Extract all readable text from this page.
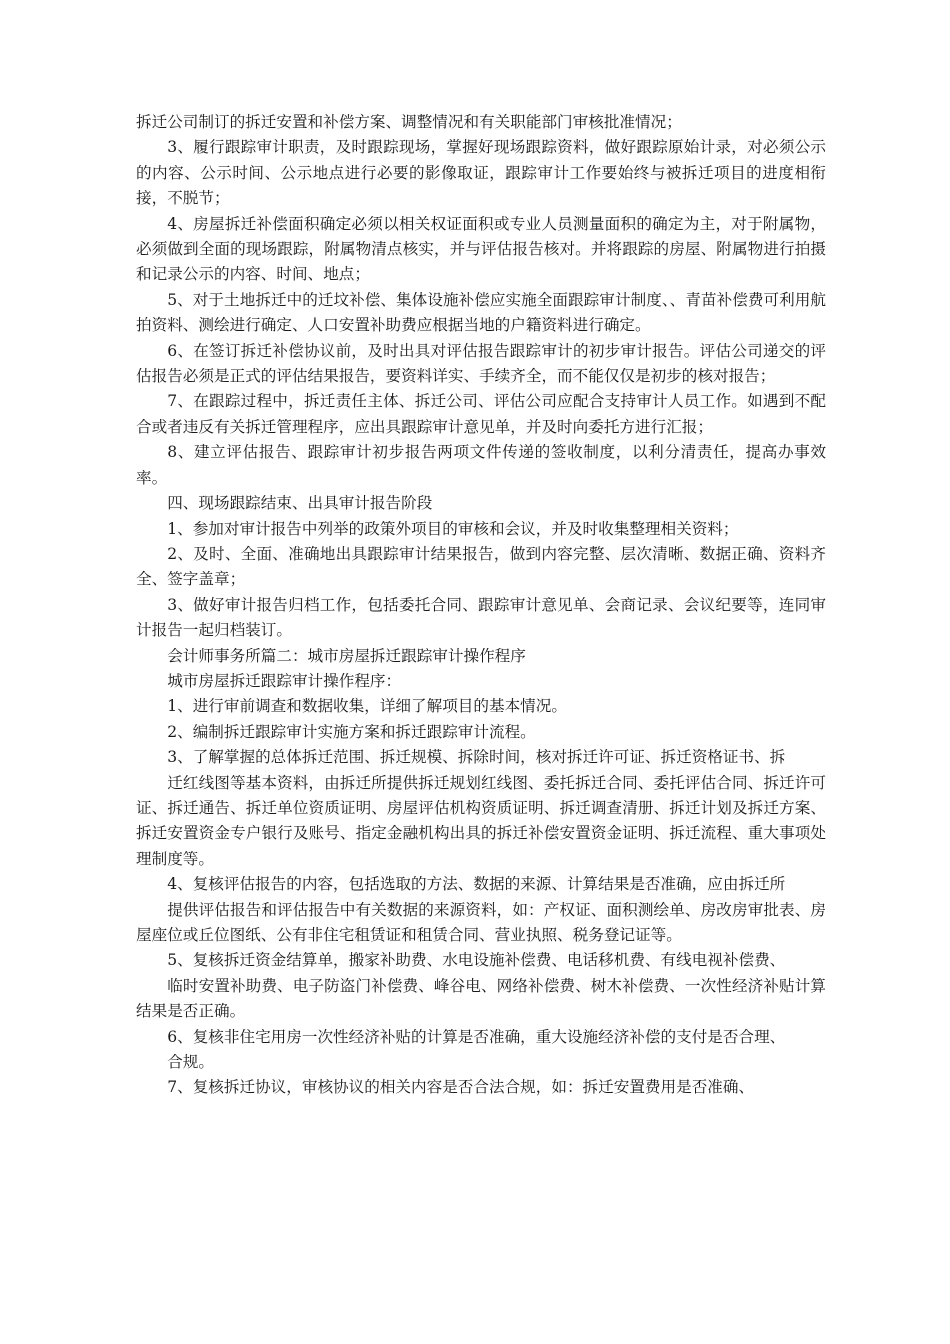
拆迁公司制订的拆迁安置和补偿方案、调整情况和有关职能部门审核批准情况；

3、履行跟踪审计职责，及时跟踪现场，掌握好现场跟踪资料，做好跟踪原始计录，对必须公示的内容、公示时间、公示地点进行必要的影像取证，跟踪审计工作要始终与被拆迁项目的进度相衔接，不脱节；

4、房屋拆迁补偿面积确定必须以相关权证面积或专业人员测量面积的确定为主，对于附属物，必须做到全面的现场跟踪，附属物清点核实，并与评估报告核对。并将跟踪的房屋、附属物进行拍摄和记录公示的内容、时间、地点；

5、对于土地拆迁中的迁坟补偿、集体设施补偿应实施全面跟踪审计制度、、青苗补偿费可利用航拍资料、测绘进行确定、人口安置补助费应根据当地的户籍资料进行确定。

6、在签订拆迁补偿协议前，及时出具对评估报告跟踪审计的初步审计报告。评估公司递交的评估报告必须是正式的评估结果报告，要资料详实、手续齐全，而不能仅仅是初步的核对报告；

7、在跟踪过程中，拆迁责任主体、拆迁公司、评估公司应配合支持审计人员工作。如遇到不配合或者违反有关拆迁管理程序，应出具跟踪审计意见单，并及时向委托方进行汇报；

8、建立评估报告、跟踪审计初步报告两项文件传递的签收制度，以利分清责任，提高办事效率。

四、现场跟踪结束、出具审计报告阶段

1、参加对审计报告中列举的政策外项目的审核和会议，并及时收集整理相关资料；

2、及时、全面、准确地出具跟踪审计结果报告，做到内容完整、层次清晰、数据正确、资料齐全、签字盖章；

3、做好审计报告归档工作，包括委托合同、跟踪审计意见单、会商记录、会议纪要等，连同审计报告一起归档装订。

会计师事务所篇二：城市房屋拆迁跟踪审计操作程序

城市房屋拆迁跟踪审计操作程序：

1、进行审前调查和数据收集，详细了解项目的基本情况。

2、编制拆迁跟踪审计实施方案和拆迁跟踪审计流程。

3、了解掌握的总体拆迁范围、拆迁规模、拆除时间，核对拆迁许可证、拆迁资格证书、拆

迁红线图等基本资料，由拆迁所提供拆迁规划红线图、委托拆迁合同、委托评估合同、拆迁许可证、拆迁通告、拆迁单位资质证明、房屋评估机构资质证明、拆迁调查清册、拆迁计划及拆迁方案、拆迁安置资金专户银行及账号、指定金融机构出具的拆迁补偿安置资金证明、拆迁流程、重大事项处理制度等。

4、复核评估报告的内容，包括选取的方法、数据的来源、计算结果是否准确，应由拆迁所

提供评估报告和评估报告中有关数据的来源资料，如：产权证、面积测绘单、房改房审批表、房屋座位或丘位图纸、公有非住宅租赁证和租赁合同、营业执照、税务登记证等。

5、复核拆迁资金结算单，搬家补助费、水电设施补偿费、电话移机费、有线电视补偿费、

临时安置补助费、电子防盗门补偿费、峰谷电、网络补偿费、树木补偿费、一次性经济补贴计算结果是否正确。

6、复核非住宅用房一次性经济补贴的计算是否准确，重大设施经济补偿的支付是否合理、

合规。

7、复核拆迁协议，审核协议的相关内容是否合法合规，如：拆迁安置费用是否准确、
